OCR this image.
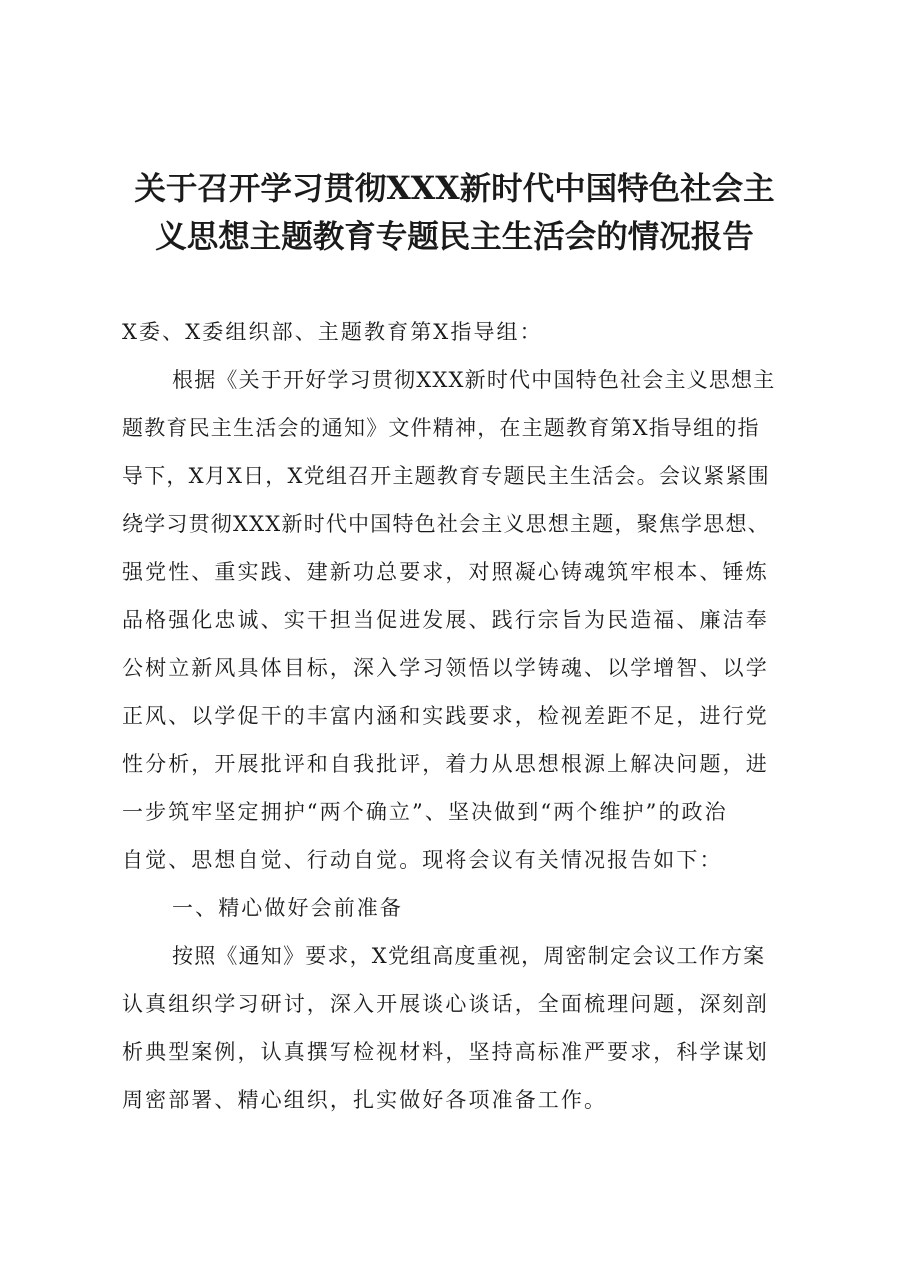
关于召开学习贯彻XXX新时代中国特色社会主
义思想主题教育专题民主生活会的情况报告

X委、X委组织部、主题教育第X指导组：

根据《关于开好学习贯彻XXX新时代中国特色社会主义思想主

题教育民主生活会的通知》文件精神，在主题教育第X指导组的指

导下，X月X日，X党组召开主题教育专题民主生活会。会议紧紧围

绕学习贯彻XXX新时代中国特色社会主义思想主题，聚焦学思想、

强党性、重实践、建新功总要求，对照凝心铸魂筑牢根本、锤炼

品格强化忠诚、实干担当促进发展、践行宗旨为民造福、廉洁奉

公树立新风具体目标，深入学习领悟以学铸魂、以学增智、以学

正风、以学促干的丰富内涵和实践要求，检视差距不足，进行党

性分析，开展批评和自我批评，着力从思想根源上解决问题，进

一步筑牢坚定拥护“两个确立”、坚决做到“两个维护”的政治

自觉、思想自觉、行动自觉。现将会议有关情况报告如下：

一、精心做好会前准备

按照《通知》要求，X党组高度重视，周密制定会议工作方案

认真组织学习研讨，深入开展谈心谈话，全面梳理问题，深刻剖

析典型案例，认真撰写检视材料，坚持高标准严要求，科学谋划

周密部署、精心组织，扎实做好各项准备工作。
